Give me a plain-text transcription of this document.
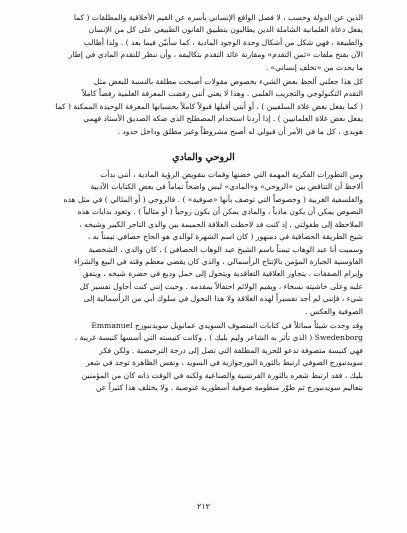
الذين عن الدولة وحسب ، لا فصل الواقع الإنساني بأسره عن القيم الأخلاقية والمطلقات ( كما
يفعل دعاة العلمانية الشاملة الذين يطالبون بتطبيق القانون الطبيعي على كل من الإنسان
والطبيعة ، فهي شكل من أشكال وحدة الوجود المادية ، كما سأبيّن فيما بعد ) . ولذا أطالب
الآن بفتح ملفات «ثمن التقدم» ومقارنة عائد التقدم بتكاليفه ، وأن ننظر للتقدم المادي في إطار
ما يحدث من «تخلف إنساني» .
كل هذا جعلني ألحظ بعض الشيء بخصوص مقولات أصبحت مطلقة بالنسبة للبعض مثل
التقدم التكنولوجي والتجريب العلمي . وهذا لا يعني أنني رفضت المعرفة العلمية رفضاً كاملاً
( كما يفعل بعض غلاة السلفيين ) ، أو أنني أقبلها قبولاً كاملاً بحسبانها المعرفة الوحيدة الممكنة ( كما
يفعل بعض غلاة العلمانيين ) . إذا أردنا استخدام المصطلح الذي صكه الصديق الأستاذ فهمي
هويدي ، كل ما في الأمر أن قبولي له أصبح مشروطاً وغير مطلق وداخل حدود .
الروحي والمادي
ومن التطورات الفكرية المهمة التي خضتها وقمات بتقويض الرؤية المادية ، أنني بدأت
ألاحظ أن التناقض بين «الروحي» و«المادي» ليس واضحاً تماماً في بعض الكتابات الأدبية
والفلسفية الغربية ( وخصوصاً التي توصف بأنها «صوفية» ) . فالروحي ( أو المثالي ) في مثل هذه
النصوص يمكن أن يكون مادياً ، والمادي يمكن أن يكون روحياً ( أو مثالياً ) . وتعود بدايات هذه
الملاحظة إلى طفولتي . إذ كنت قد لاحظت العلاقة الحميمة بين والدي التاجر الكبير وشيخه ،
شيخ الطريقة الحصافية في دمنهور ( كان اسم الشهرة لوالدي هو الحاج حصافي تيمناً به ،
وسميت أنا عبد الوهاب تيمناً باسم الشيخ عبد الوهاب الحصافي ) . كان والدي ، الشخصية
القاوسنية الجبارة المؤمن بالإنتاج الرأسمالي ، والذي كان يقضي معظم وقته في البيع والشراء
وإبرام الصفقات ، يتجاوز العلاقية التعاقدية ويتحول إلى حمل وديع في حضرة شيخه ، ويتفق
عليه وعلى حاشيته بسخاء ، ويقيم الولائم احتفالاً بمقدمه . وحيث إنني كنت أحاول تفسير كل
شيء ، فإنني لم أجد تفسيراً لهذه العلاقة ولا هذا التحول في سلوك أبي من الرأسمالية إلى
الصوفية والعكس .
وقد وجدت شيئاً مماثلاً في كتابات المتصوف السويدي عمانويل سويدنبورج Emmanuel
Swedenborg ( الذي تأثر به الشاعر وليم بليك ) . وكانت كنيسته التي أسسها كنيسة غريبة ،
فهي كنيسة متصوفة تدعو للحرية المطلقة التي تصل إلى درجة الترخيصية . ولكن فكر
سويدنبورج الصوفي ارتبط بالثورة البورجوازية في السويد ، ونفس الظاهرة توجد في شعر
بليك ، فقد ارتبط شعره بالثورة الفرنسية والصناعية ولكنه في الوقت ذاته كان من المؤمنين
بتعاليم سويدنبورج ثم طوّر منظومة صوفية أسطورية غنوصية . ولا يختلف هذا كثيراً عن
٢١٢
